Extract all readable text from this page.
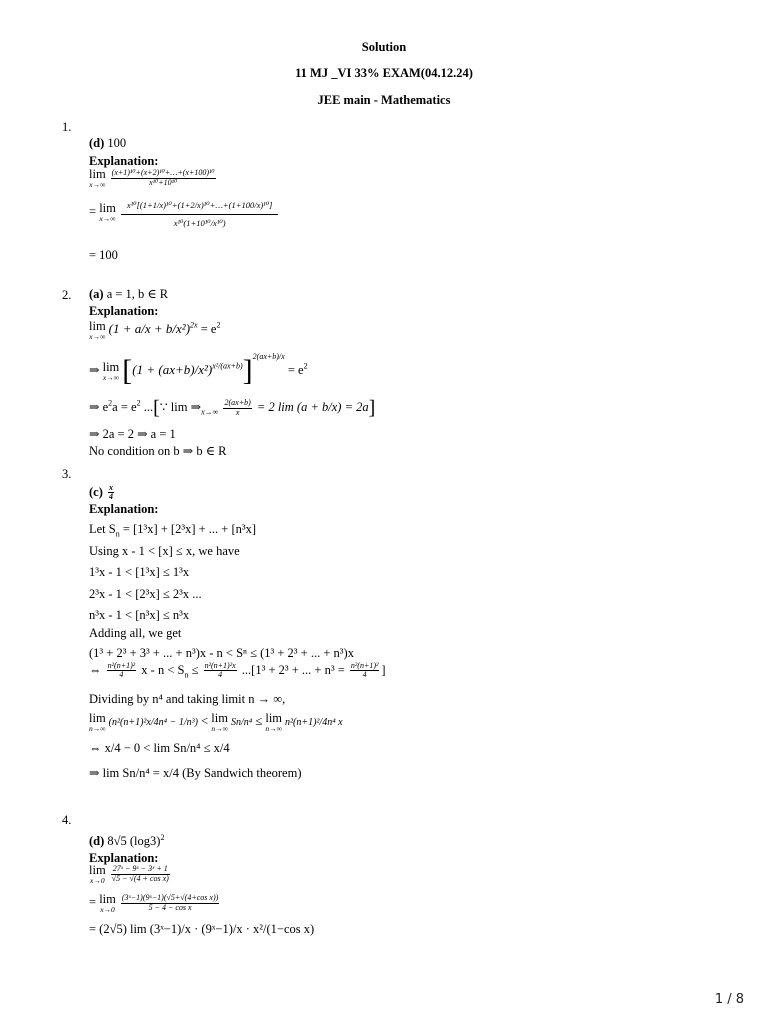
Solution
11 MJ _VI 33% EXAM(04.12.24)
JEE main - Mathematics
1.
(d) 100
Explanation:
lim
$x\to\infty \frac{\text{(x+1)¹⁰+(x+2)¹⁰+…+(x+100)¹⁰}}{\text{x¹⁰+10¹⁰}}$
= lim
$x\to\infty \frac{\text{x¹⁰[(1+1/x)¹⁰+(1+2/x)¹⁰+…+(1+100/x)¹⁰]}}{\text{x¹⁰(1+10¹⁰/x¹⁰)}}$
= 100
2. (a) a = 1, b ∈ R
Explanation:
lim
x→∞
$(1 + a/x + b/x^2)^{2x} = e^2$
⇒ lim
x→∞ $[(1 + (ax+b)/x^2)^{x^2/(ax+b)}]^{2(ax+b)/x} = e^2$
⇒ $e^2a = e^2$ ...[∵ $\lim \Rightarrow_{x\to\infty} \frac{2(ax+b)}{x} = 2$ lim (a + b/x) = 2a]
⇒ 2a = 2 ⇒ a = 1
No condition on b ⇒ b ∈ R
3.
$(c) \frac{x}{4}$
Explanation:
Let $S_n = [1^3x] + [2^3x]$ + ... + [n³x]
Using x - 1 < [x] ≤ x, we have
1³x - 1 < [1³x] ≤ 1³x
2³x - 1 < [2³x] ≤ 2³x ...
n³x - 1 < [n³x] ≤ n³x
Adding all, we get
(1³ + 2³ + 3³ + ... + n³)x - n < Sⁿ ≤ (1³ + 2³ + ... + n³)x
⇔ $\frac{\text{n²(n+1)²}}{4}$ $x - n < S_n \le \frac{\text{n²(n+1)²x}}{4} ...[1^3 + 2^3$ + ... + $n^3 = \frac{\text{n²(n+1)²}}{4}$ ]
Dividing by n⁴ and taking limit n → ∞,
lim
n→∞
(n²(n+1)²x/4n⁴ − 1/n³) < lim
n→∞
Sn/n⁴ ≤ lim
n→∞
n²(n+1)²/4n⁴ x
⇔ x/4 − 0 < lim Sn/n⁴ ≤ x/4
⇒ lim Sn/n⁴ = x/4 (By Sandwich theorem)
4.
(d) 8√5 $(\log 3)^2$
Explanation:
lim
$x\to 0 \frac{\text{27ˣ − 9ˣ − 3ˣ + 1}}{\text{√5 − √(4 + cos x)}}$
= lim
$x\to 0 \frac{\text{(3ˣ−1)(9ˣ−1)(√5+√(4+cos x))}}{\text{5 − 4 − cos x}}$
= (2√5) lim (3ˣ−1)/x · (9ˣ−1)/x · x²/(1−cos x)
1 / 8
